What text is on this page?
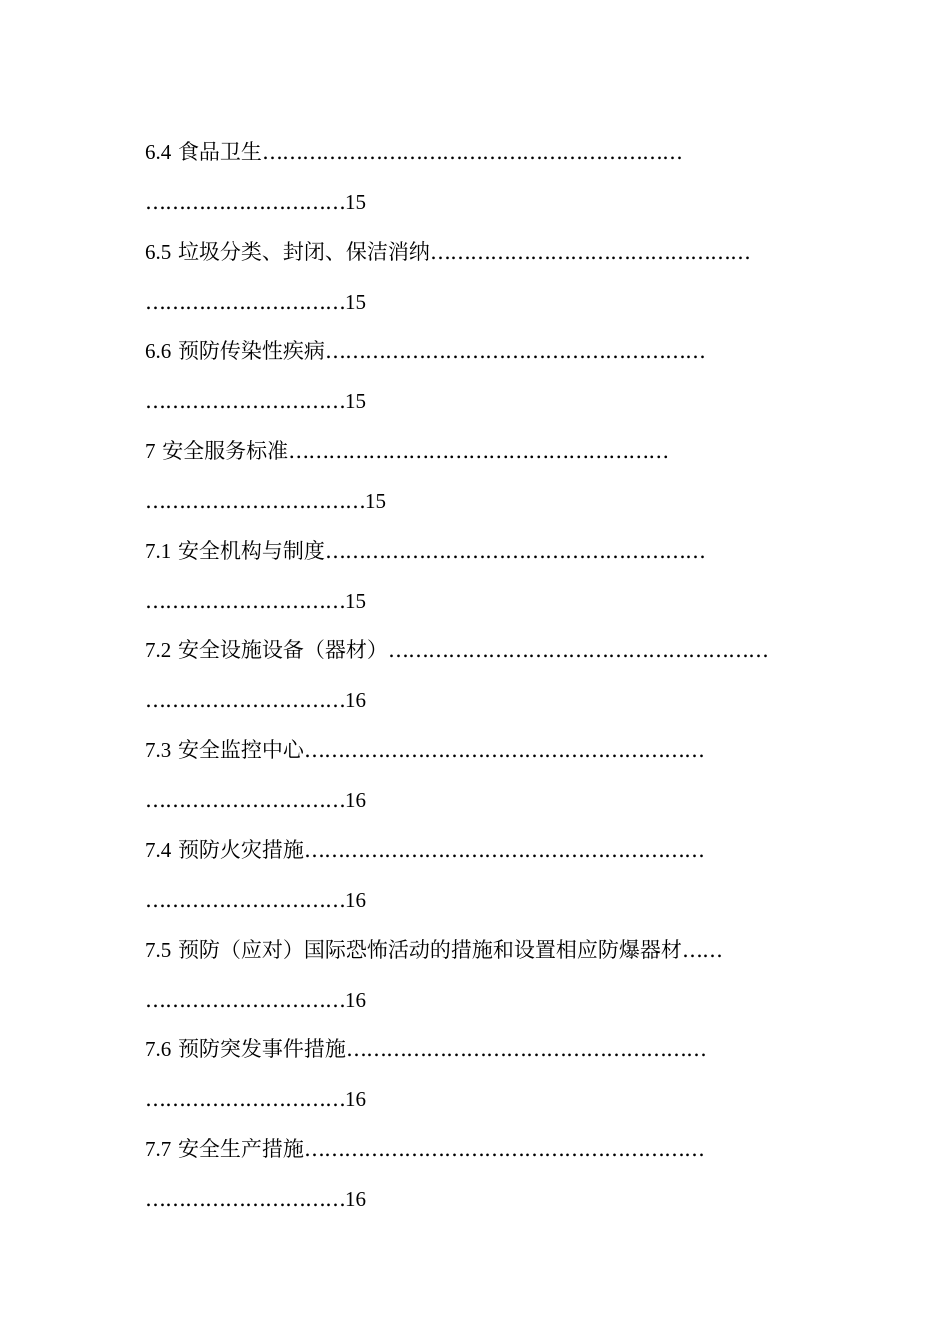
6.4 食品卫生………………………………………………………
…………………………15
6.5 垃圾分类、封闭、保洁消纳…………………………………………
…………………………15
6.6 预防传染性疾病…………………………………………………
…………………………15
7 安全服务标准…………………………………………………
……………………………15
7.1 安全机构与制度…………………………………………………
…………………………15
7.2 安全设施设备（器材）…………………………………………………
…………………………16
7.3 安全监控中心……………………………………………………
…………………………16
7.4 预防火灾措施……………………………………………………
…………………………16
7.5 预防（应对）国际恐怖活动的措施和设置相应防爆器材……
…………………………16
7.6 预防突发事件措施………………………………………………
…………………………16
7.7 安全生产措施……………………………………………………
…………………………16
